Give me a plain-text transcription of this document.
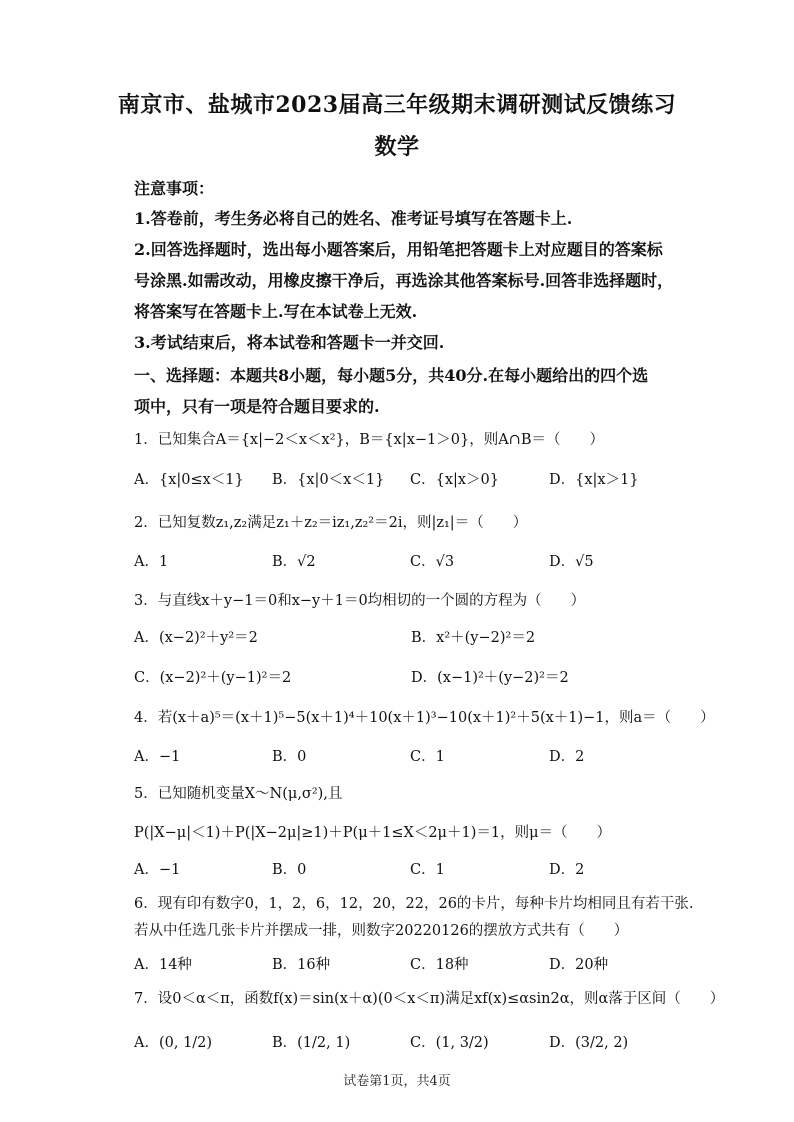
南京市、盐城市2023届高三年级期末调研测试反馈练习
数学
注意事项：
1.答卷前，考生务必将自己的姓名、准考证号填写在答题卡上.
2.回答选择题时，选出每小题答案后，用铅笔把答题卡上对应题目的答案标
号涂黑.如需改动，用橡皮擦干净后，再选涂其他答案标号.回答非选择题时，
将答案写在答题卡上.写在本试卷上无效.
3.考试结束后，将本试卷和答题卡一并交回.
一、选择题：本题共8小题，每小题5分，共40分.在每小题给出的四个选
项中，只有一项是符合题目要求的.
1．已知集合A＝{x|−2＜x＜x²}，B＝{x|x−1＞0}，则A∩B＝（　　）
A．{x|0≤x＜1} B．{x|0＜x＜1} C．{x|x＞0}	D．{x|x＞1}
2．已知复数z₁,z₂满足z₁＋z₂＝iz₁,z₂²＝2i，则|z₁|＝（　　）
A．1	B．√2	C．√3	D．√5
3．与直线x＋y−1＝0和x−y＋1＝0均相切的一个圆的方程为（　　）
A．(x−2)²＋y²＝2	B．x²＋(y−2)²＝2
C．(x−2)²＋(y−1)²＝2	D．(x−1)²＋(y−2)²＝2
4．若(x＋a)⁵＝(x＋1)⁵−5(x＋1)⁴＋10(x＋1)³−10(x＋1)²＋5(x＋1)−1，则a＝（　　）
A．−1	B．0	C．1	D．2
5．已知随机变量X～N(μ,σ²),且
P(|X−μ|＜1)＋P(|X−2μ|≥1)＋P(μ＋1≤X＜2μ＋1)＝1，则μ＝（　　）
A．−1	B．0	C．1	D．2
6．现有印有数字0，1，2，6，12，20，22，26的卡片，每种卡片均相同且有若干张.
若从中任选几张卡片并摆成一排，则数字20220126的摆放方式共有（　　）
A．14种	B．16种	C．18种	D．20种
7．设0＜α＜π，函数f(x)＝sin(x＋α)(0＜x＜π)满足xf(x)≤αsin2α，则α落于区间（　　）
A．(0, 1/2)	B．(1/2, 1)	C．(1, 3/2)	D．(3/2, 2)
试卷第1页，共4页
